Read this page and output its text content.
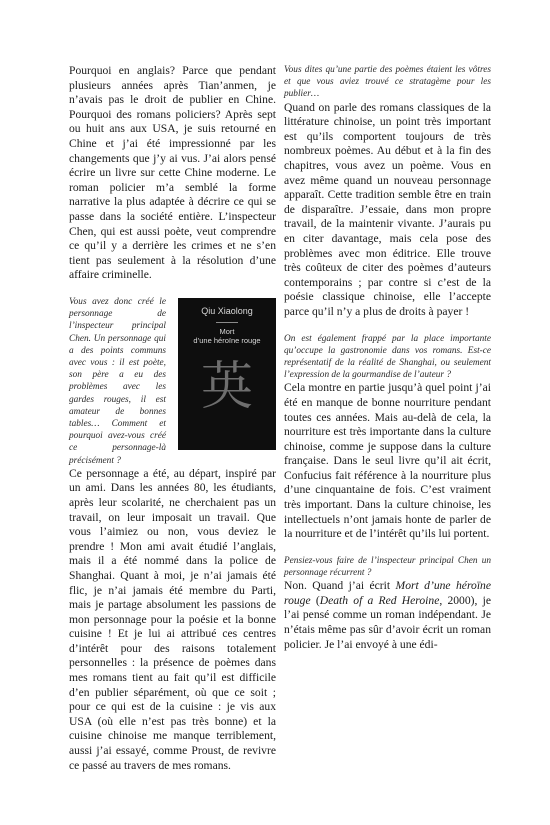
Pourquoi en anglais? Parce que pendant plusieurs années après Tian’anmen, je n’avais pas le droit de publier en Chine. Pourquoi des romans policiers? Après sept ou huit ans aux USA, je suis retourné en Chine et j’ai été impressionné par les changements que j’y ai vus. J’ai alors pensé écrire un livre sur cette Chine moderne. Le roman policier m’a semblé la forme narrative la plus adaptée à décrire ce qui se passe dans la société entière. L’inspecteur Chen, qui est aussi poète, veut comprendre ce qu’il y a derrière les crimes et ne s’en tient pas seulement à la résolution d’une affaire criminelle.

Qiu Xiaolong
Mort
d’une héroïne rouge
英

Vous avez donc créé le personnage de l’inspecteur principal Chen. Un personnage qui a des points communs avec vous : il est poète, son père a eu des problèmes avec les gardes rouges, il est amateur de bonnes tables… Comment et pourquoi avez-vous créé ce personnage-là précisément ?

Ce personnage a été, au départ, inspiré par un ami. Dans les années 80, les étudiants, après leur scolarité, ne cherchaient pas un travail, on leur imposait un travail. Que vous l’aimiez ou non, vous deviez le prendre ! Mon ami avait étudié l’anglais, mais il a été nommé dans la police de Shanghai. Quant à moi, je n’ai jamais été flic, je n’ai jamais été membre du Parti, mais je partage absolument les passions de mon personnage pour la poésie et la bonne cuisine ! Et je lui ai attribué ces centres d’intérêt pour des raisons totalement personnelles : la présence de poèmes dans mes romans tient au fait qu’il est difficile d’en publier séparément, où que ce soit ; pour ce qui est de la cuisine : je vis aux USA (où elle n’est pas très bonne) et la cuisine chinoise me manque terriblement, aussi j’ai essayé, comme Proust, de revivre ce passé au travers de mes romans.

Vous dites qu’une partie des poèmes étaient les vôtres et que vous aviez trouvé ce stratagème pour les publier…

Quand on parle des romans classiques de la littérature chinoise, un point très important est qu’ils comportent toujours de très nombreux poèmes. Au début et à la fin des chapitres, vous avez un poème. Vous en avez même quand un nouveau personnage apparaît. Cette tradition semble être en train de disparaître. J’essaie, dans mon propre travail, de la maintenir vivante. J’aurais pu en citer davantage, mais cela pose des problèmes avec mon éditrice. Elle trouve très coûteux de citer des poèmes d’auteurs contemporains ; par contre si c’est de la poésie classique chinoise, elle l’accepte parce qu’il n’y a plus de droits à payer !

On est également frappé par la place importante qu’occupe la gastronomie dans vos romans. Est-ce représentatif de la réalité de Shanghai, ou seulement l’expression de la gourmandise de l’auteur ?

Cela montre en partie jusqu’à quel point j’ai été en manque de bonne nourriture pendant toutes ces années. Mais au-delà de cela, la nourriture est très importante dans la culture chinoise, comme je suppose dans la culture française. Dans le seul livre qu’il ait écrit, Confucius fait référence à la nourriture plus d’une cinquantaine de fois. C’est vraiment très important. Dans la culture chinoise, les intellectuels n’ont jamais honte de parler de la nourriture et de l’intérêt qu’ils lui portent.

Pensiez-vous faire de l’inspecteur principal Chen un personnage récurrent ?

Non. Quand j’ai écrit Mort d’une héroïne rouge (Death of a Red Heroine, 2000), je l’ai pensé comme un roman indépendant. Je n’étais même pas sûr d’avoir écrit un roman policier. Je l’ai envoyé à une édi-
